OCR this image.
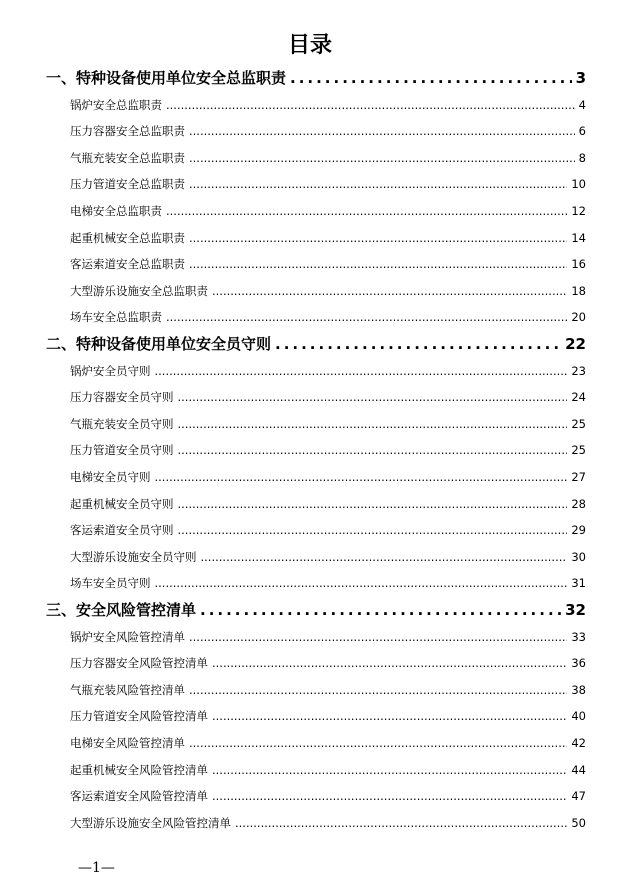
目录
一、特种设备使用单位安全总监职责 .....	3
锅炉安全总监职责 .....	4
压力容器安全总监职责 .....	6
气瓶充装安全总监职责 .....	8
压力管道安全总监职责 .....	10
电梯安全总监职责 .....	12
起重机械安全总监职责 .....	14
客运索道安全总监职责 .....	16
大型游乐设施安全总监职责 .....	18
场车安全总监职责 .....	20
二、特种设备使用单位安全员守则 .....	22
锅炉安全员守则 .....	23
压力容器安全员守则 .....	24
气瓶充装安全员守则 .....	25
压力管道安全员守则 .....	25
电梯安全员守则 .....	27
起重机械安全员守则 .....	28
客运索道安全员守则 .....	29
大型游乐设施安全员守则 .....	30
场车安全员守则 .....	31
三、安全风险管控清单 .....	32
锅炉安全风险管控清单 .....	33
压力容器安全风险管控清单 .....	36
气瓶充装风险管控清单 .....	38
压力管道安全风险管控清单 .....	40
电梯安全风险管控清单 .....	42
起重机械安全风险管控清单 .....	44
客运索道安全风险管控清单 .....	47
大型游乐设施安全风险管控清单 .....	50
—1—
